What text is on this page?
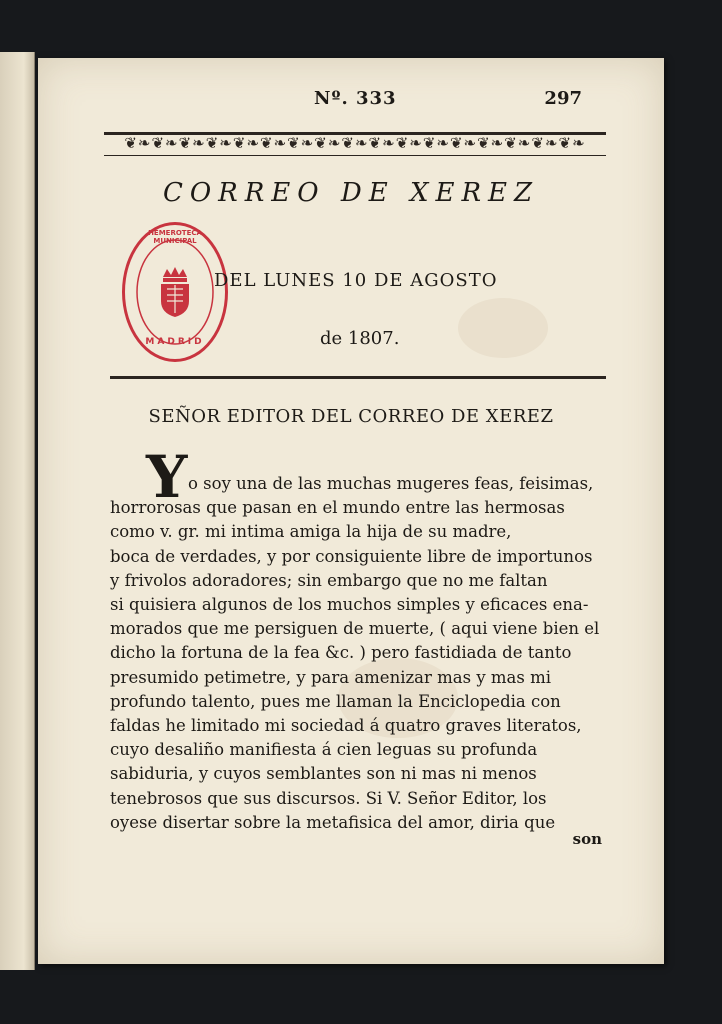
Nº. 333	297
❦❧❦❧❦❧❦❧❦❧❦❧❦❧❦❧❦❧❦❧❦❧❦❧❦❧❦❧❦❧❦❧❦❧
CORREO DE XEREZ
HEMEROTECA MUNICIPAL
MADRID
DEL LUNES 10 DE AGOSTO
de 1807.
SEÑOR EDITOR DEL CORREO DE XEREZ
Y o soy una de las muchas mugeres feas, feisimas,
horrorosas que pasan en el mundo entre las hermosas
como v. gr. mi intima amiga la hija de su madre,
boca de verdades, y por consiguiente libre de importunos
y frivolos adoradores; sin embargo que no me faltan
si quisiera algunos de los muchos simples y eficaces ena-
morados que me persiguen de muerte, ( aqui viene bien el
dicho la fortuna de la fea &c. ) pero fastidiada de tanto
presumido petimetre, y para amenizar mas y mas mi
profundo talento, pues me llaman la Enciclopedia con
faldas he limitado mi sociedad á quatro graves literatos,
cuyo desaliño manifiesta á cien leguas su profunda
sabiduria, y cuyos semblantes son ni mas ni menos
tenebrosos que sus discursos. Si V. Señor Editor, los
oyese disertar sobre la metafisica del amor, diria que
son
